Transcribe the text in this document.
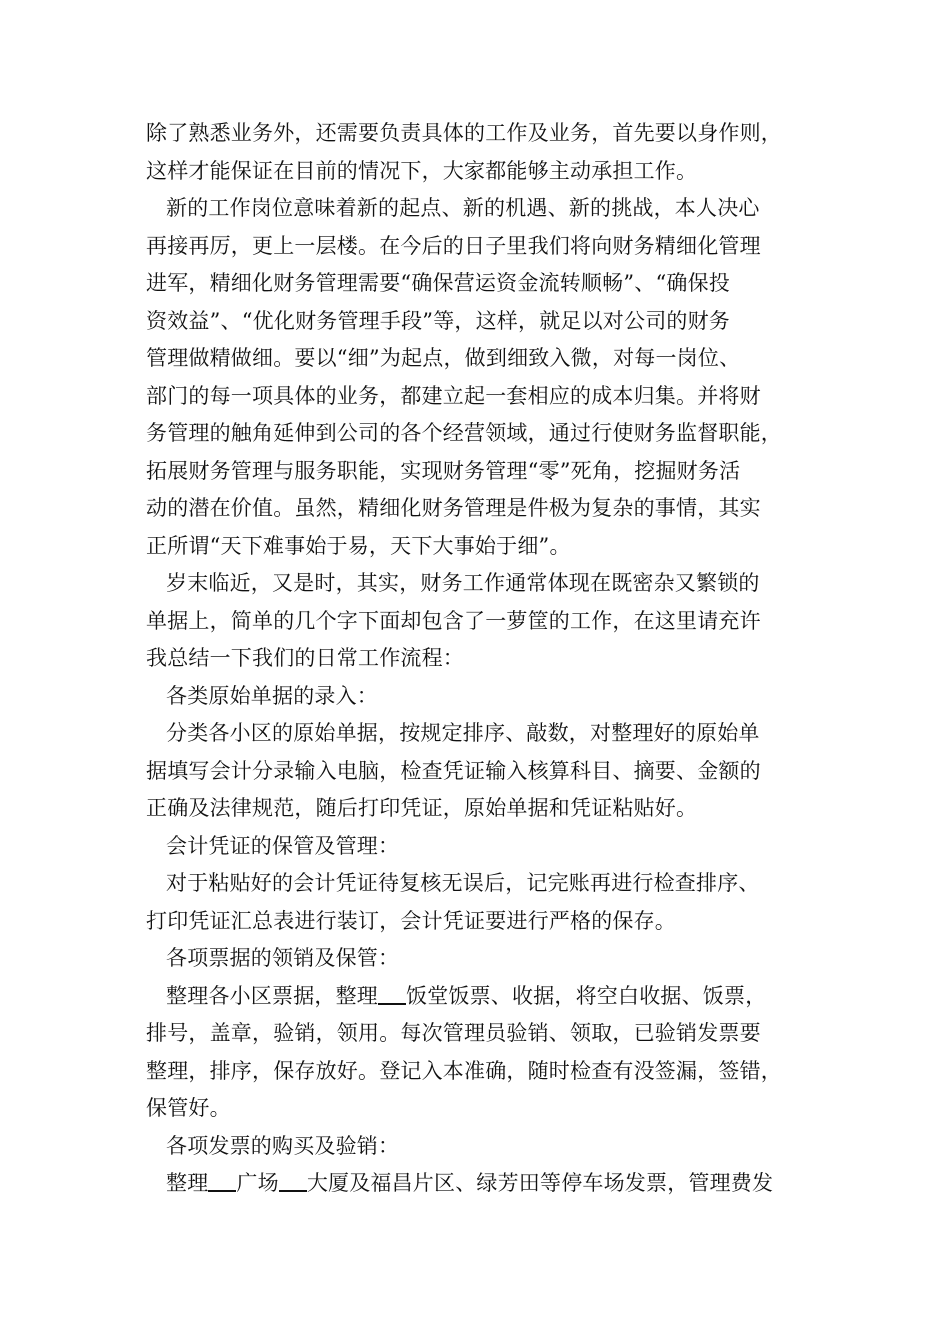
除了熟悉业务外，还需要负责具体的工作及业务，首先要以身作则，
这样才能保证在目前的情况下，大家都能够主动承担工作。
新的工作岗位意味着新的起点、新的机遇、新的挑战，本人决心
再接再厉，更上一层楼。在今后的日子里我们将向财务精细化管理
进军，精细化财务管理需要“确保营运资金流转顺畅”、“确保投
资效益”、“优化财务管理手段”等，这样，就足以对公司的财务
管理做精做细。要以“细”为起点，做到细致入微，对每一岗位、
部门的每一项具体的业务，都建立起一套相应的成本归集。并将财
务管理的触角延伸到公司的各个经营领域，通过行使财务监督职能，
拓展财务管理与服务职能，实现财务管理“零”死角，挖掘财务活
动的潜在价值。虽然，精细化财务管理是件极为复杂的事情，其实
正所谓“天下难事始于易，天下大事始于细”。
岁末临近，又是时，其实，财务工作通常体现在既密杂又繁锁的
单据上，简单的几个字下面却包含了一萝筐的工作，在这里请充许
我总结一下我们的日常工作流程：
各类原始单据的录入：
分类各小区的原始单据，按规定排序、敲数，对整理好的原始单
据填写会计分录输入电脑，检查凭证输入核算科目、摘要、金额的
正确及法律规范，随后打印凭证，原始单据和凭证粘贴好。
会计凭证的保管及管理：
对于粘贴好的会计凭证待复核无误后，记完账再进行检查排序、
打印凭证汇总表进行装订，会计凭证要进行严格的保存。
各项票据的领销及保管：
整理各小区票据，整理 饭堂饭票、收据，将空白收据、饭票，
排号，盖章，验销，领用。每次管理员验销、领取，已验销发票要
整理，排序，保存放好。登记入本准确，随时检查有没签漏，签错，
保管好。
各项发票的购买及验销：
整理 广场 大厦及福昌片区、绿芳田等停车场发票，管理费发
